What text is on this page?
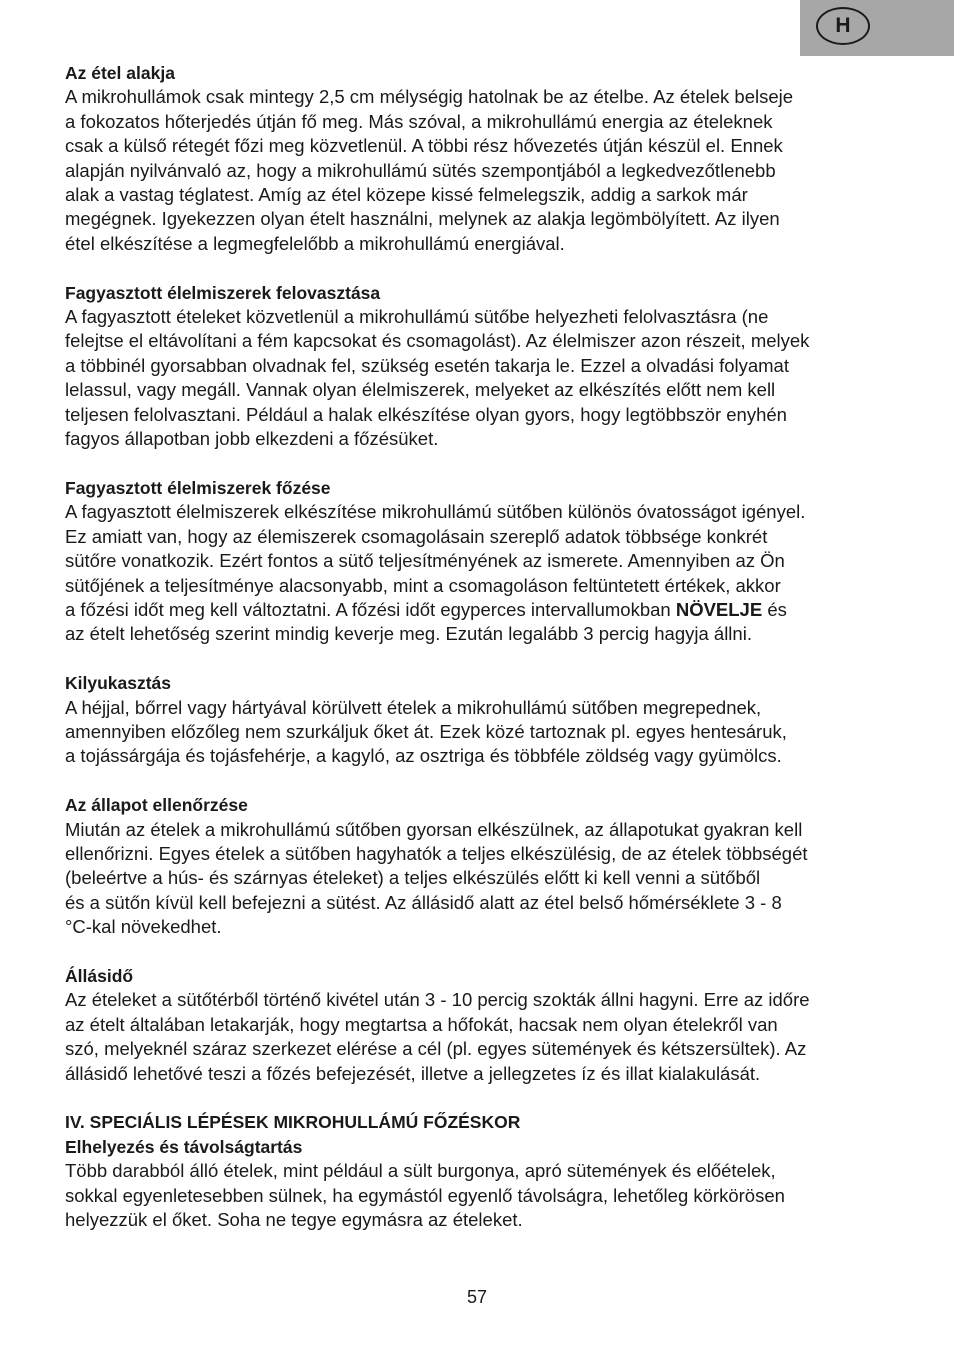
H
Az étel alakja
A mikrohullámok csak mintegy 2,5 cm mélységig hatolnak be az ételbe. Az ételek belseje
a fokozatos hőterjedés útján fő meg. Más szóval, a mikrohullámú energia az ételeknek
csak a külső rétegét főzi meg közvetlenül. A többi rész hővezetés útján készül el. Ennek
alapján nyilvánvaló az, hogy a mikrohullámú sütés szempontjából a legkedvezőtlenebb
alak a vastag téglatest. Amíg az étel közepe kissé felmelegszik, addig a sarkok már
megégnek. Igyekezzen olyan ételt használni, melynek az alakja legömbölyített. Az ilyen
étel elkészítése a legmegfelelőbb a mikrohullámú energiával.
Fagyasztott élelmiszerek felovasztása
A fagyasztott ételeket közvetlenül a mikrohullámú sütőbe helyezheti felolvasztásra (ne
felejtse el eltávolítani a fém kapcsokat és csomagolást). Az élelmiszer azon részeit, melyek
a többinél gyorsabban olvadnak fel, szükség esetén takarja le. Ezzel a olvadási folyamat
lelassul, vagy megáll. Vannak olyan élelmiszerek, melyeket az elkészítés előtt nem kell
teljesen felolvasztani. Például a halak elkészítése olyan gyors, hogy legtöbbször enyhén
fagyos állapotban jobb elkezdeni a főzésüket.
Fagyasztott élelmiszerek főzése
A fagyasztott élelmiszerek elkészítése mikrohullámú sütőben különös óvatosságot igényel.
Ez amiatt van, hogy az élemiszerek csomagolásain szereplő adatok többsége konkrét
sütőre vonatkozik. Ezért fontos a sütő teljesítményének az ismerete. Amennyiben az Ön
sütőjének a teljesítménye alacsonyabb, mint a csomagoláson feltüntetett értékek, akkor
a főzési időt meg kell változtatni. A főzési időt egyperces intervallumokban NÖVELJE és
az ételt lehetőség szerint mindig keverje meg. Ezután legalább 3 percig hagyja állni.
Kilyukasztás
A héjjal, bőrrel vagy hártyával körülvett ételek a mikrohullámú sütőben megrepednek,
amennyiben előzőleg nem szurkáljuk őket át. Ezek közé tartoznak pl. egyes hentesáruk,
a tojássárgája és tojásfehérje, a kagyló, az osztriga és többféle zöldség vagy gyümölcs.
Az állapot ellenőrzése
Miután az ételek a mikrohullámú sűtőben gyorsan elkészülnek, az állapotukat gyakran kell
ellenőrizni. Egyes ételek a sütőben hagyhatók a teljes elkészülésig, de az ételek többségét
(beleértve a hús- és szárnyas ételeket) a teljes elkészülés előtt ki kell venni a sütőből
és a sütőn kívül kell befejezni a sütést. Az állásidő alatt az étel belső hőmérséklete 3 - 8
°C-kal növekedhet.
Állásidő
Az ételeket a sütőtérből történő kivétel után 3 - 10 percig szokták állni hagyni. Erre az időre
az ételt általában letakarják, hogy megtartsa a hőfokát, hacsak nem olyan ételekről van
szó, melyeknél száraz szerkezet elérése a cél (pl. egyes sütemények és kétszersültek). Az
állásidő lehetővé teszi a főzés befejezését, illetve a jellegzetes íz és illat kialakulását.
IV. SPECIÁLIS LÉPÉSEK MIKROHULLÁMÚ FŐZÉSKOR
Elhelyezés és távolságtartás
Több darabból álló ételek, mint például a sült burgonya, apró sütemények és előételek,
sokkal egyenletesebben sülnek, ha egymástól egyenlő távolságra, lehetőleg körkörösen
helyezzük el őket. Soha ne tegye egymásra az ételeket.
57
